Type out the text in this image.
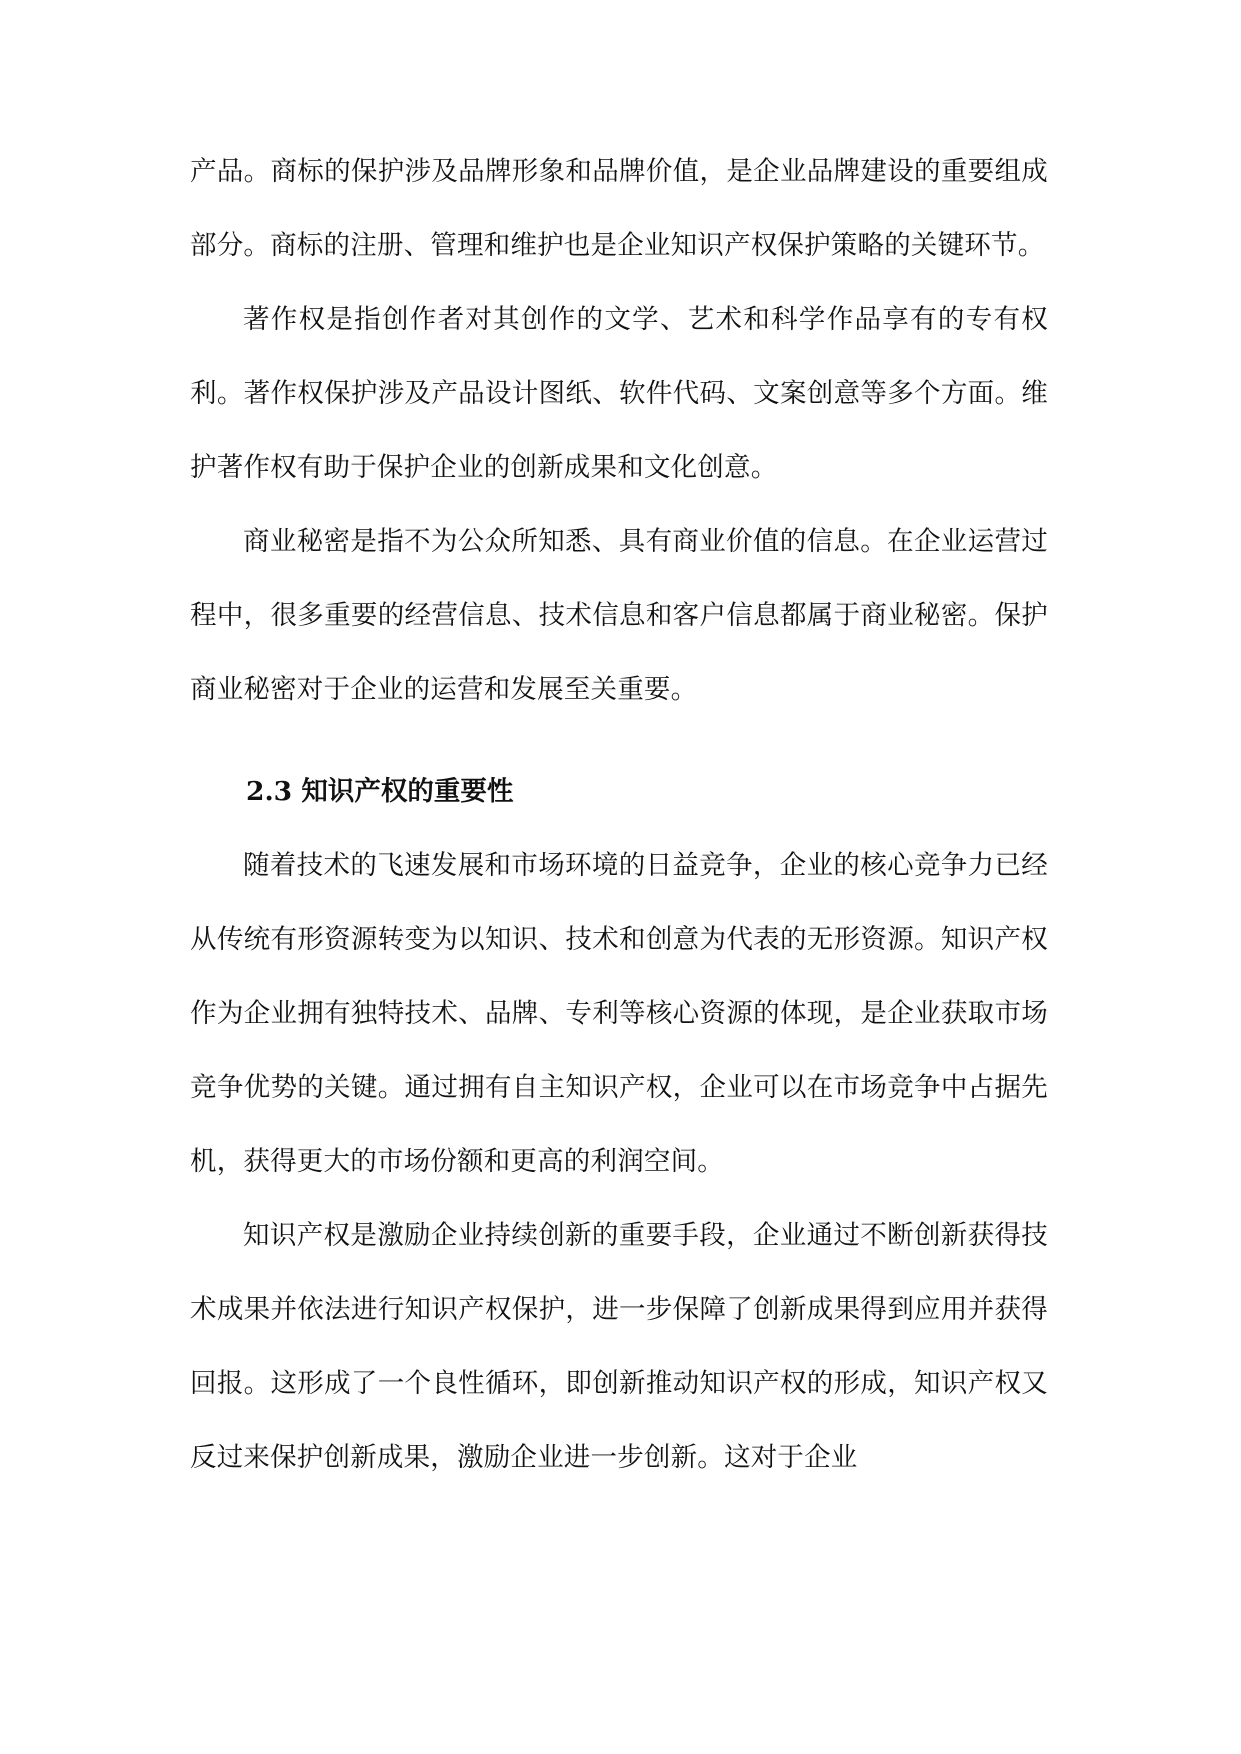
产品。商标的保护涉及品牌形象和品牌价值，是企业品牌建设的重要组成部分。商标的注册、管理和维护也是企业知识产权保护策略的关键环节。

著作权是指创作者对其创作的文学、艺术和科学作品享有的专有权利。著作权保护涉及产品设计图纸、软件代码、文案创意等多个方面。维护著作权有助于保护企业的创新成果和文化创意。

商业秘密是指不为公众所知悉、具有商业价值的信息。在企业运营过程中，很多重要的经营信息、技术信息和客户信息都属于商业秘密。保护商业秘密对于企业的运营和发展至关重要。

2.3 知识产权的重要性

随着技术的飞速发展和市场环境的日益竞争，企业的核心竞争力已经从传统有形资源转变为以知识、技术和创意为代表的无形资源。知识产权作为企业拥有独特技术、品牌、专利等核心资源的体现，是企业获取市场竞争优势的关键。通过拥有自主知识产权，企业可以在市场竞争中占据先机，获得更大的市场份额和更高的利润空间。

知识产权是激励企业持续创新的重要手段，企业通过不断创新获得技术成果并依法进行知识产权保护，进一步保障了创新成果得到应用并获得回报。这形成了一个良性循环，即创新推动知识产权的形成，知识产权又反过来保护创新成果，激励企业进一步创新。这对于企业
